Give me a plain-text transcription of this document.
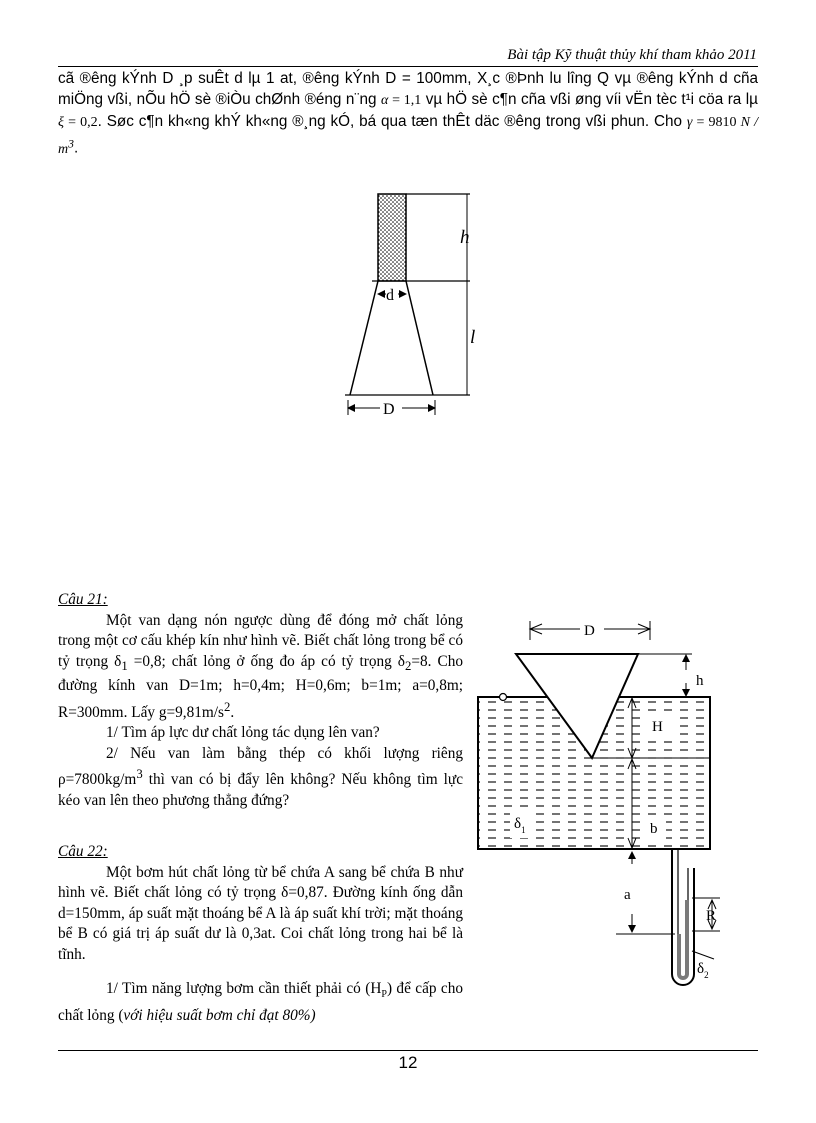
Bài tập Kỹ thuật thủy khí tham khảo 2011

cã ®êng kÝnh D ¸p suÊt d lµ 1 at, ®êng kÝnh D = 100mm, X¸c ®Þnh lu lîng Q vµ ®êng kÝnh d cña miÖng vßi, nÕu hÖ sè ®iÒu chØnh ®éng n¨ng α = 1,1 vµ hÖ sè c¶n cña vßi øng víi vËn tèc t¹i cöa ra lµ ξ = 0,2. Søc c¶n kh«ng khÝ kh«ng ®¸ng kÓ, bá qua tæn thÊt däc ®êng trong vßi phun. Cho γ = 9810 N / $m^3$.

h
l
d
D

Câu 21:

Một van dạng nón ngược dùng để đóng mở chất lỏng trong một cơ cấu khép kín như hình vẽ. Biết chất lỏng trong bể có tỷ trọng $\delta_1 =0,8$; chất lỏng ở ống đo áp có tỷ trọng $\delta_2=8$. Cho đường kính van D=1m; h=0,4m; H=0,6m; b=1m; a=0,8m; R=300mm. Lấy $g=9,81m/s^2$.

1/ Tìm áp lực dư chất lỏng tác dụng lên van?

2/ Nếu van làm bằng thép có khối lượng riêng $\rho=7800kg/m^3$ thì van có bị đẩy lên không? Nếu không tìm lực kéo van lên theo phương thẳng đứng?

Câu 22:

Một bơm hút chất lỏng từ bể chứa A sang bể chứa B như hình vẽ. Biết chất lỏng có tỷ trọng δ=0,87. Đường kính ống dẫn d=150mm, áp suất mặt thoáng bể A là áp suất khí trời; mặt thoáng bể B có giá trị áp suất dư là 0,3at. Coi chất lỏng trong hai bể là tĩnh.

1/ Tìm năng lượng bơm cần thiết phải có $(H_P)$ để cấp cho chất lỏng (với hiệu suất bơm chỉ đạt 80%)

D
h
H
b
$\delta_1$
a
R
$\delta_2$
12
